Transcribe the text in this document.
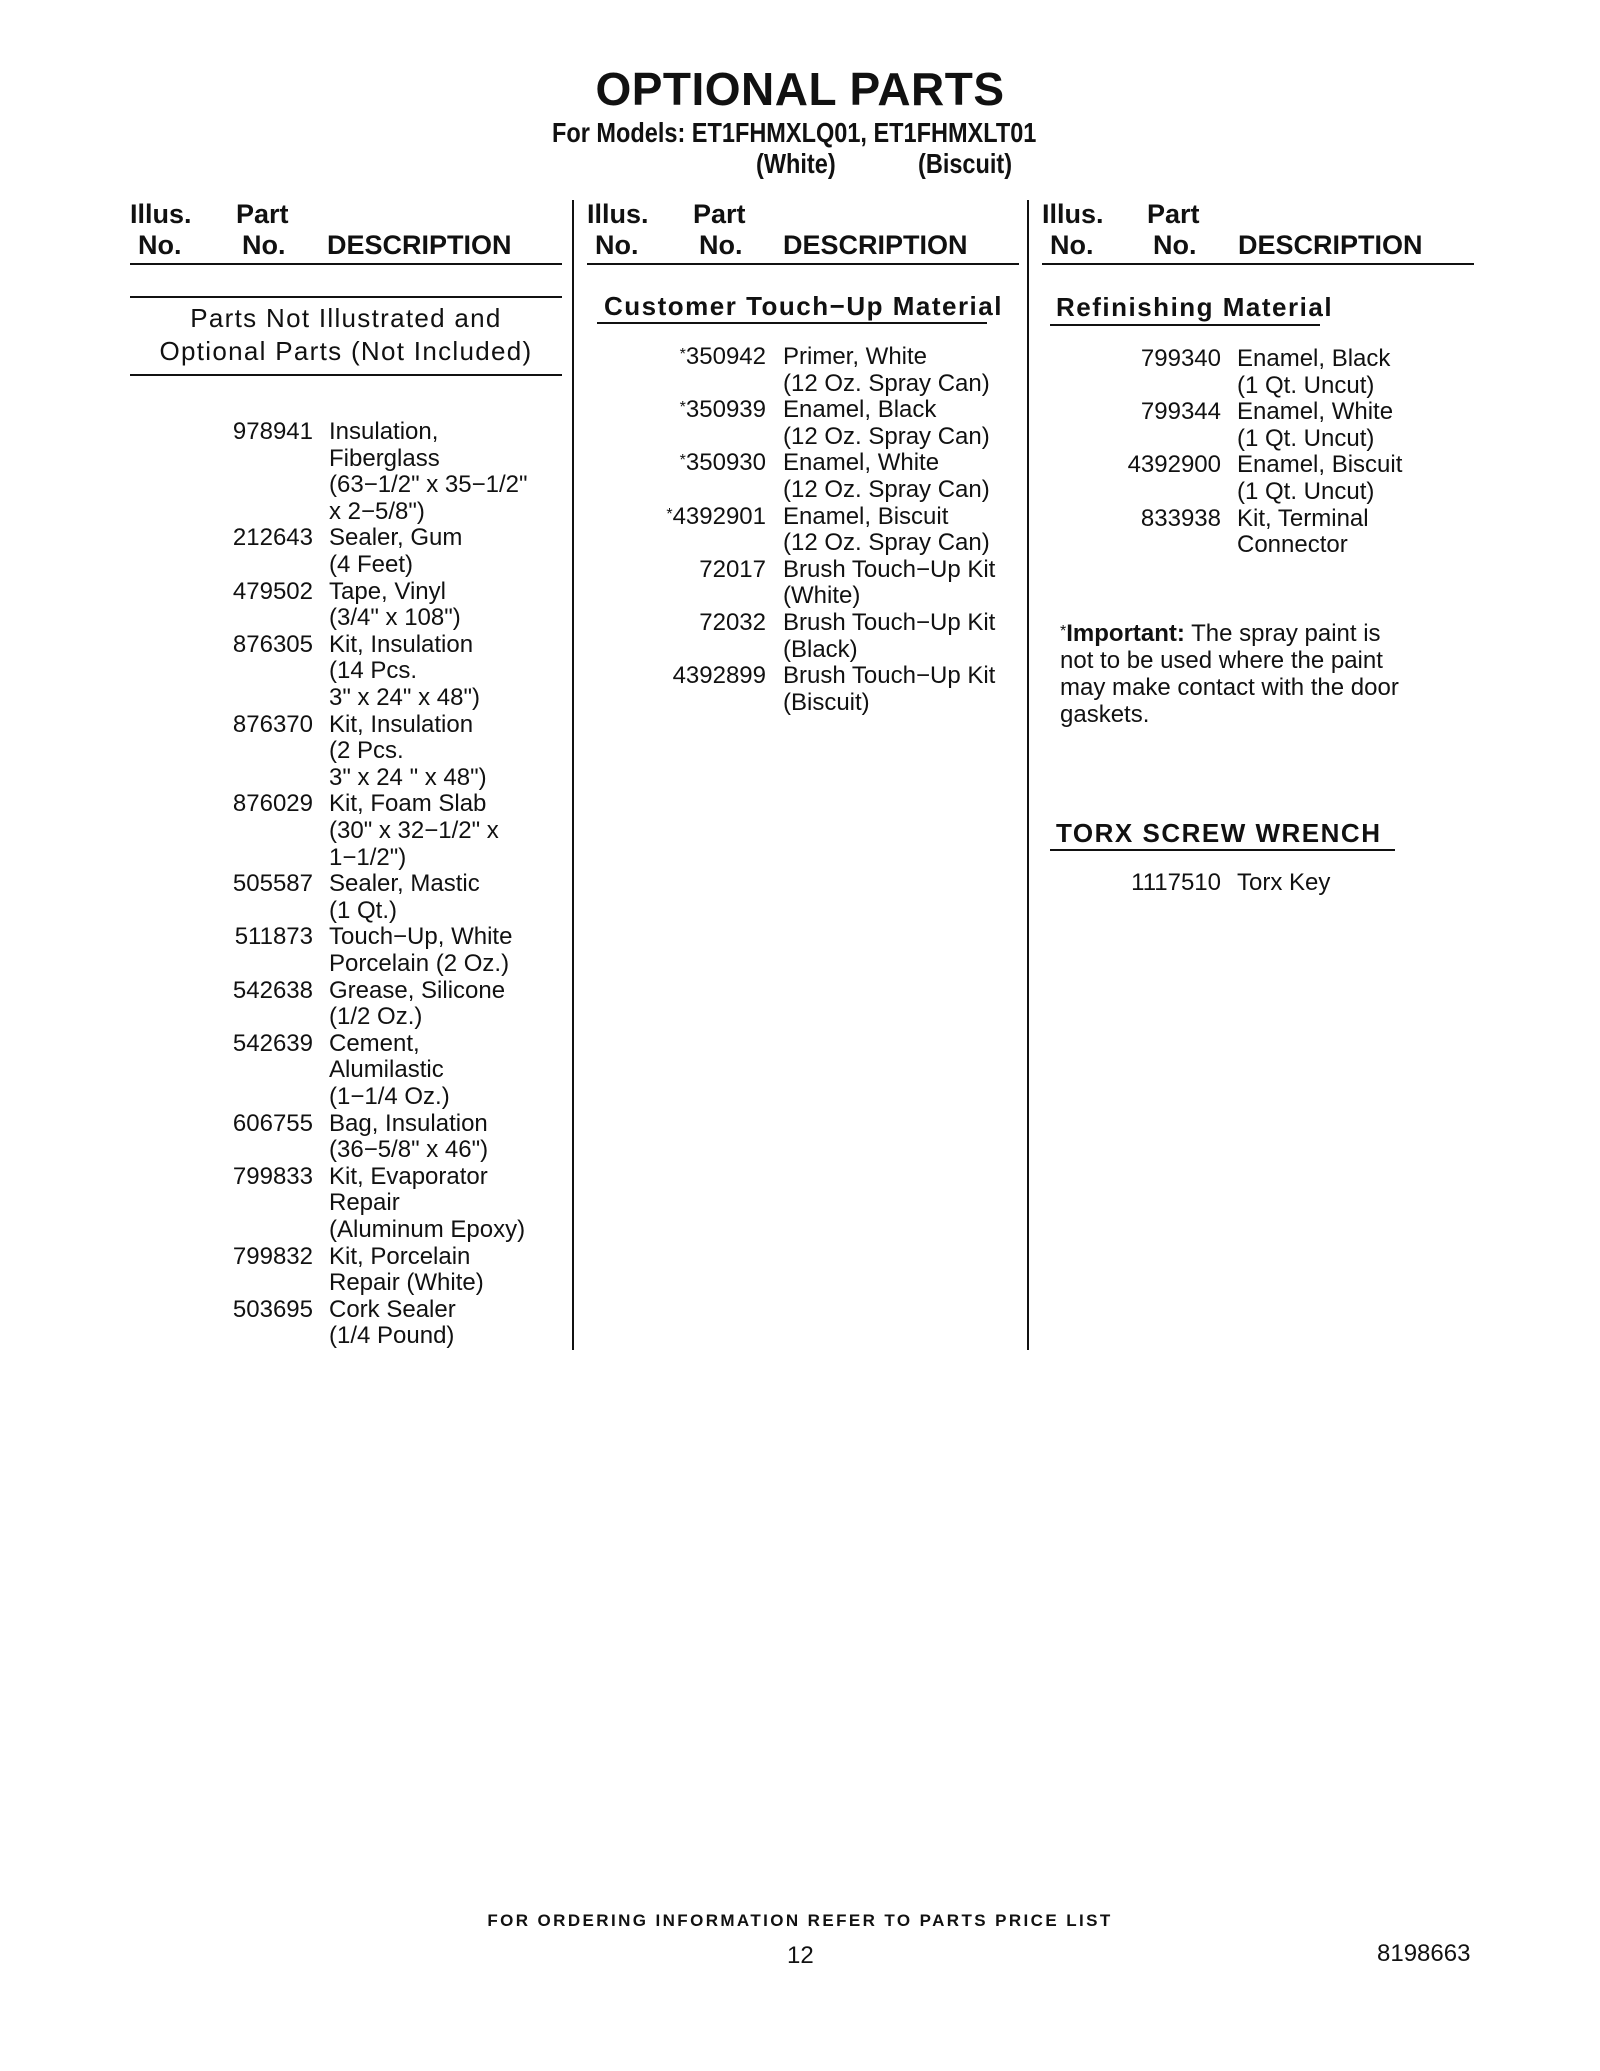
OPTIONAL PARTS
For Models: ET1FHMXLQ01, ET1FHMXLT01
(White)	(Biscuit)
Illus.
No.
Part
No. DESCRIPTION
Illus.
No.
Part
No. DESCRIPTION
Illus.
No.
Part
No. DESCRIPTION
Parts Not Illustrated and
Optional Parts (Not Included)
978941 Insulation,
Fiberglass
(63−1/2" x 35−1/2"
x 2−5/8")
212643 Sealer, Gum
(4 Feet)
479502 Tape, Vinyl
(3/4" x 108")
876305 Kit, Insulation
(14 Pcs.
3" x 24" x 48")
876370 Kit, Insulation
(2 Pcs.
3" x 24 " x 48")
876029 Kit, Foam Slab
(30" x 32−1/2" x
1−1/2")
505587 Sealer, Mastic
(1 Qt.)
511873 Touch−Up, White
Porcelain (2 Oz.)
542638 Grease, Silicone
(1/2 Oz.)
542639 Cement,
Alumilastic
(1−1/4 Oz.)
606755 Bag, Insulation
(36−5/8" x 46")
799833 Kit, Evaporator
Repair
(Aluminum Epoxy)
799832 Kit, Porcelain
Repair (White)
503695 Cork Sealer
(1/4 Pound)
Customer Touch−Up Material
*350942 Primer, White
(12 Oz. Spray Can)
*350939 Enamel, Black
(12 Oz. Spray Can)
*350930 Enamel, White
(12 Oz. Spray Can)
*4392901 Enamel, Biscuit
(12 Oz. Spray Can)
72017 Brush Touch−Up Kit
(White)
72032 Brush Touch−Up Kit
(Black)
4392899 Brush Touch−Up Kit
(Biscuit)
Refinishing Material
799340 Enamel, Black
(1 Qt. Uncut)
799344 Enamel, White
(1 Qt. Uncut)
4392900 Enamel, Biscuit
(1 Qt. Uncut)
833938 Kit, Terminal
Connector
*Important: The spray paint is
not to be used where the paint
may make contact with the door
gaskets.
TORX SCREW WRENCH
1117510 Torx Key
FOR ORDERING INFORMATION REFER TO PARTS PRICE LIST
12	8198663
